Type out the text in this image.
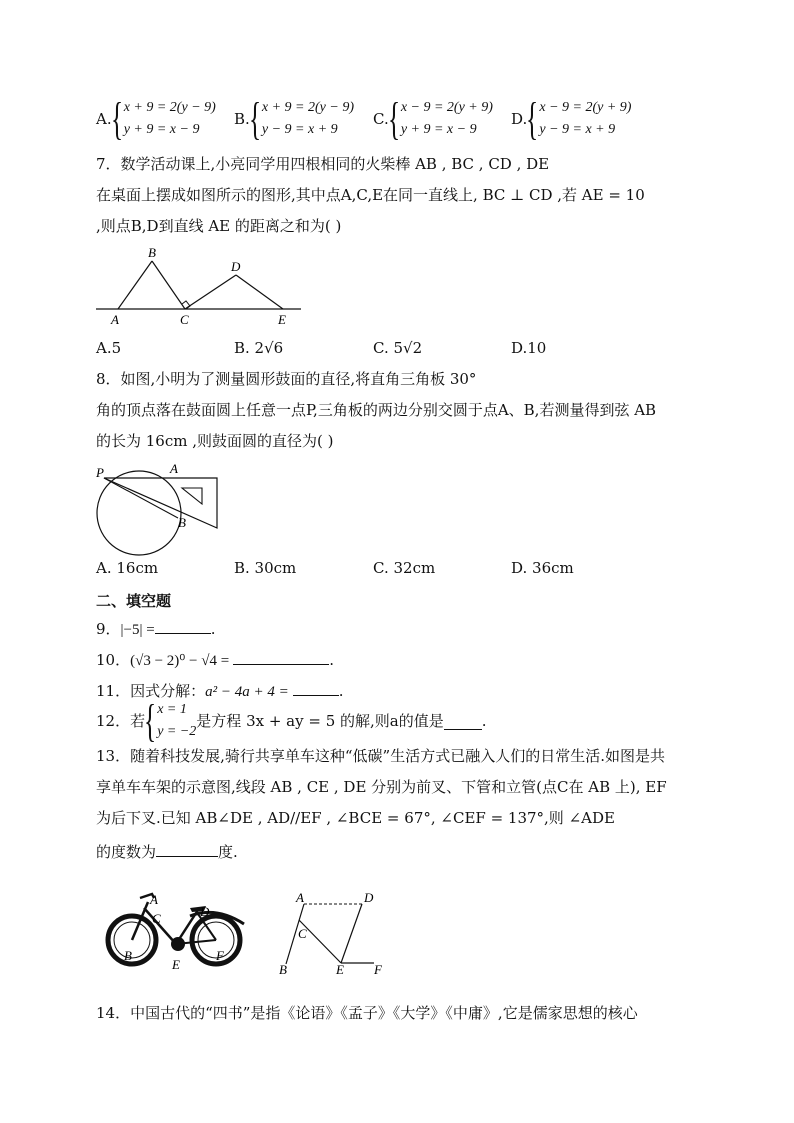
A.
{ x + 9 = 2(y − 9)
y + 9 = x − 9
B.
{ x + 9 = 2(y − 9)
y − 9 = x + 9
C.
{ x − 9 = 2(y + 9)
y + 9 = x − 9
D.
{ x − 9 = 2(y + 9)
y − 9 = x + 9
7．数学活动课上,小亮同学用四根相同的火柴棒 AB , BC , CD , DE
在桌面上摆成如图所示的图形,其中点A,C,E在同一直线上, BC ⊥ CD ,若 AE = 10
,则点B,D到直线 AE 的距离之和为( )
A
B
C
D
E
A.5	B. 2√6	C. 5√2	D.10
8．如图,小明为了测量圆形鼓面的直径,将直角三角板 30°
角的顶点落在鼓面圆上任意一点P,三角板的两边分别交圆于点A、B,若测量得到弦 AB
的长为 16cm ,则鼓面圆的直径为( )
P	A
B
A. 16cm	B. 30cm	C. 32cm	D. 36cm
二、填空题
9．|−5| =	.
10．(√3 − 2)⁰ − √4 =	.
11．因式分解：a² − 4a + 4 =	.
12．若
{ x = 1
y = −2
是方程 3x + ay = 5 的解,则a的值是	.
13．随着科技发展,骑行共享单车这种“低碳”生活方式已融入人们的日常生活.如图是共
享单车车架的示意图,线段 AB , CE , DE 分别为前叉、下管和立管(点C在 AB 上), EF
为后下叉.已知 AB∠DE , AD//EF , ∠BCE = 67°, ∠CEF = 137°,则 ∠ADE
的度数为	度.
A
C	D
B
E
F
A	D
C
B	E F
14．中国古代的“四书”是指《论语》《孟子》《大学》《中庸》,它是儒家思想的核心
